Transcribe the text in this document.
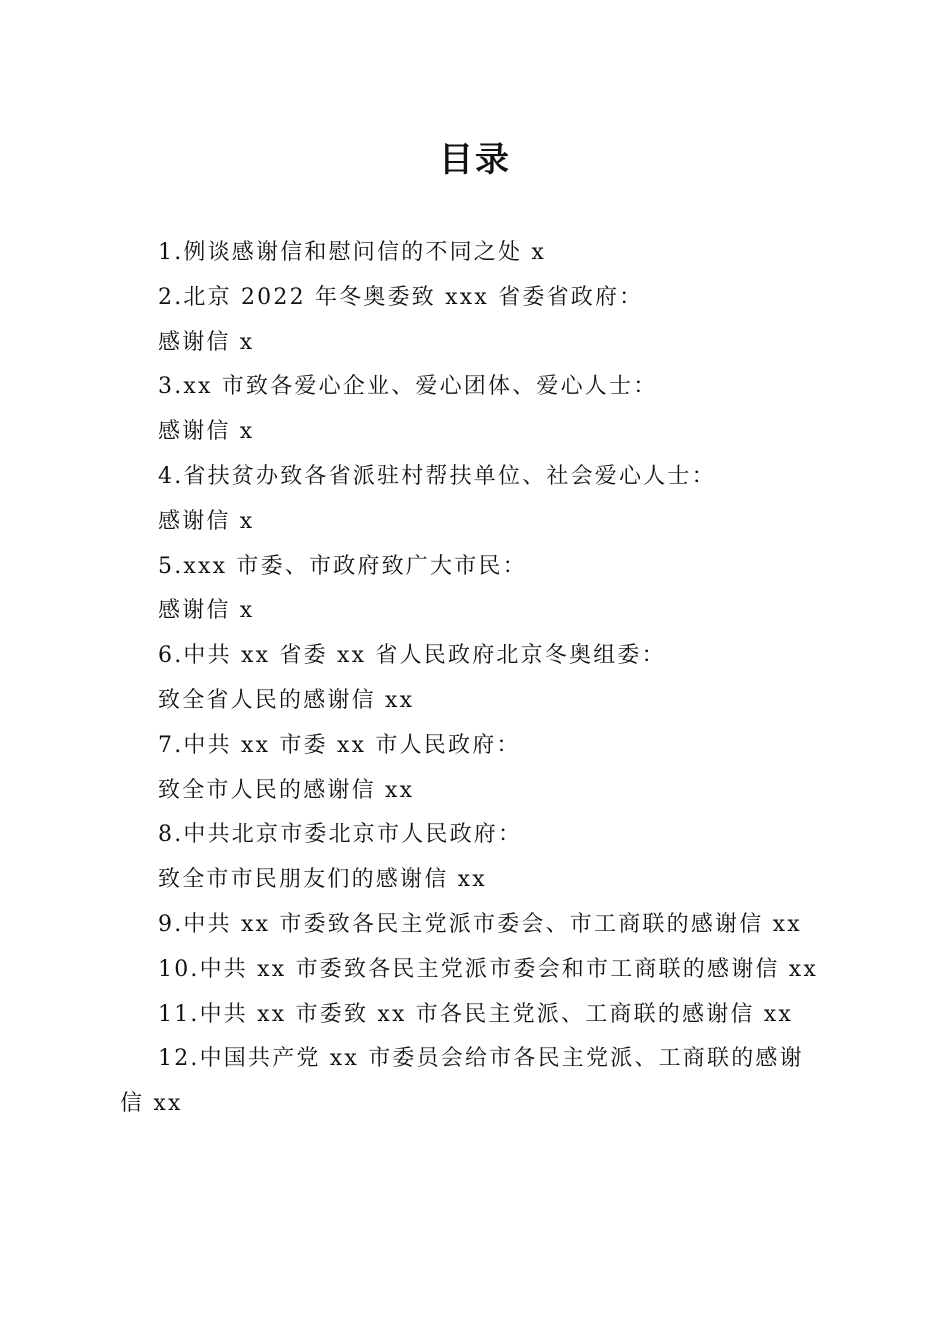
目录
1.例谈感谢信和慰问信的不同之处 x
2.北京 2022 年冬奥委致 xxx 省委省政府：
感谢信 x
3.xx 市致各爱心企业、爱心团体、爱心人士：
感谢信 x
4.省扶贫办致各省派驻村帮扶单位、社会爱心人士：
感谢信 x
5.xxx 市委、市政府致广大市民：
感谢信 x
6.中共 xx 省委 xx 省人民政府北京冬奥组委：
致全省人民的感谢信 xx
7.中共 xx 市委 xx 市人民政府：
致全市人民的感谢信 xx
8.中共北京市委北京市人民政府：
致全市市民朋友们的感谢信 xx
9.中共 xx 市委致各民主党派市委会、市工商联的感谢信 xx
10.中共 xx 市委致各民主党派市委会和市工商联的感谢信 xx
11.中共 xx 市委致 xx 市各民主党派、工商联的感谢信 xx
12.中国共产党 xx 市委员会给市各民主党派、工商联的感谢
信 xx
